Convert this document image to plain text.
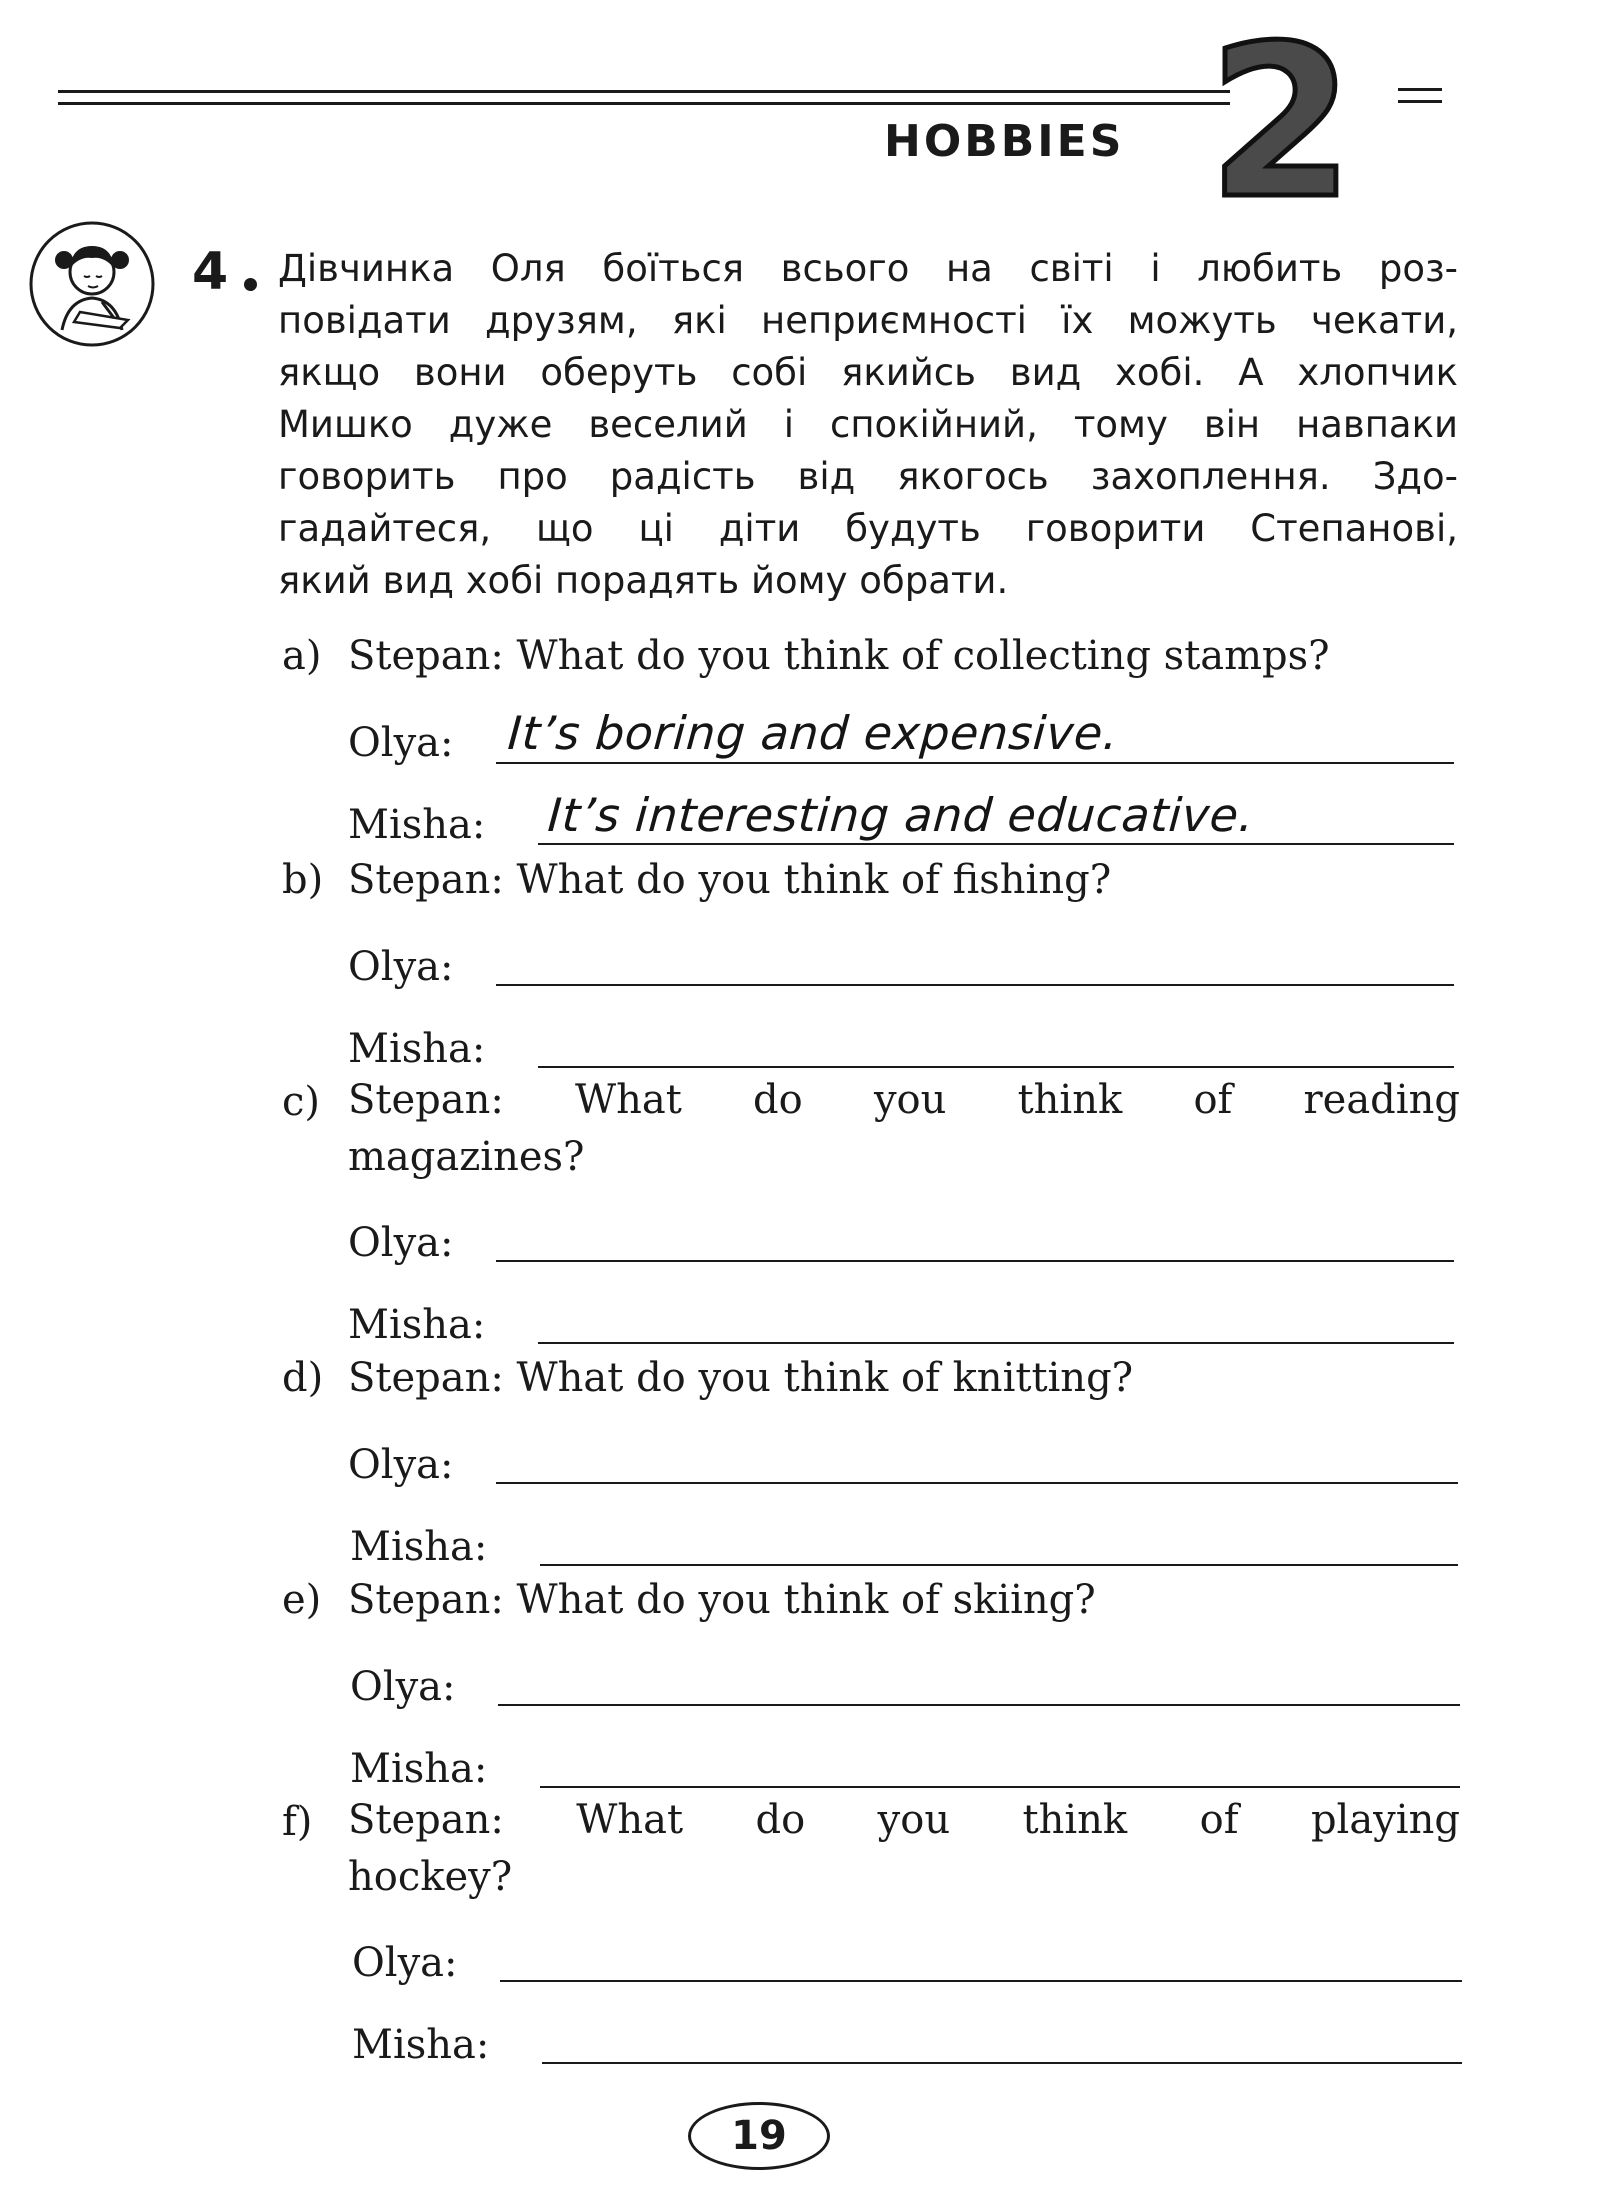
2
HOBBIES
4 Дівчинка Оля боїться всього на світі і любить роз-
повідати друзям, які неприємності їх можуть чекати,
якщо вони оберуть собі якийсь вид хобі. А хлопчик
Мишко дуже веселий і спокійний, тому він навпаки
говорить про радість від якогось захоплення. Здо-
гадайтеся, що ці діти будуть говорити Степанові,
який вид хобі порадять йому обрати.
a) Stepan: What do you think of collecting stamps?
Olya: It’s boring and expensive.
Misha: It’s interesting and educative.
b) Stepan: What do you think of fishing?
Olya:
Misha:
c) Stepan: What do you think of reading
magazines?
Olya:
Misha:
d) Stepan: What do you think of knitting?
Olya:
Misha:
e) Stepan: What do you think of skiing?
Olya:
Misha:
f) Stepan: What do you think of playing
hockey?
Olya:
Misha:
19
